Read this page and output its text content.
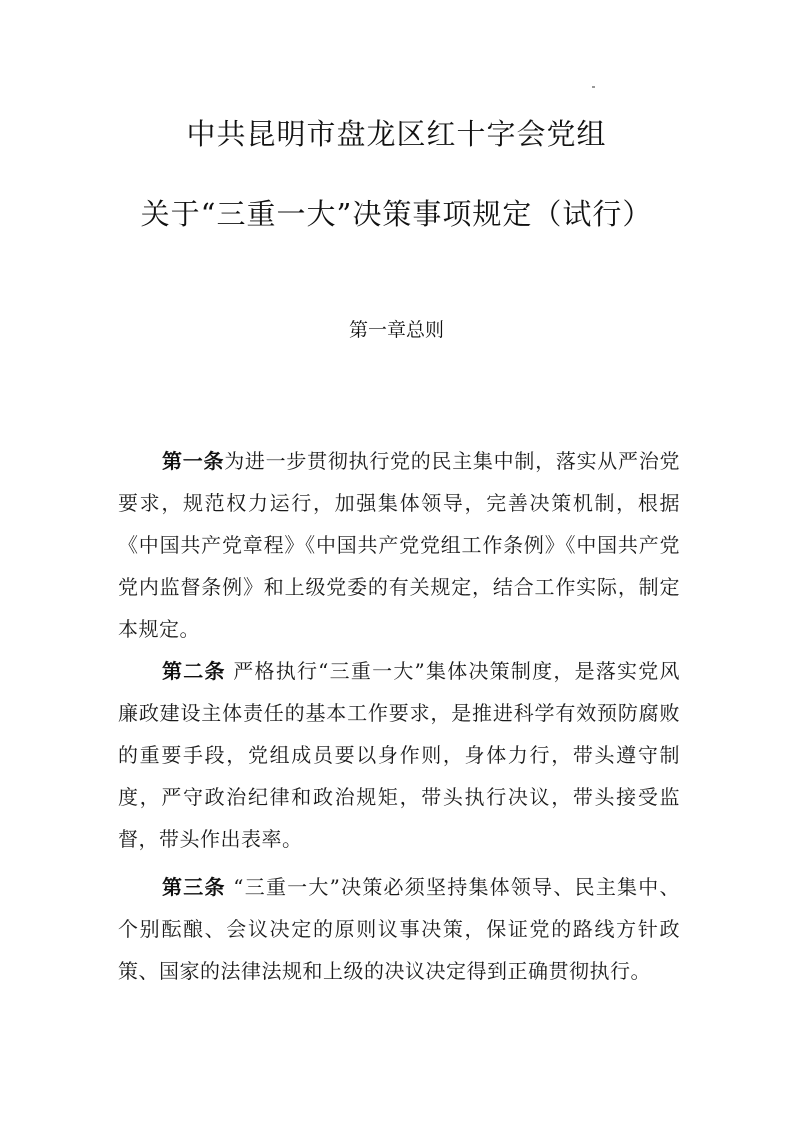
中共昆明市盘龙区红十字会党组
关于“三重一大”决策事项规定（试行）
第一章总则

第一条为进一步贯彻执行党的民主集中制，落实从严治党要求，规范权力运行，加强集体领导，完善决策机制，根据《中国共产党章程》《中国共产党党组工作条例》《中国共产党党内监督条例》和上级党委的有关规定，结合工作实际，制定本规定。

第二条 严格执行“三重一大”集体决策制度，是落实党风廉政建设主体责任的基本工作要求，是推进科学有效预防腐败的重要手段，党组成员要以身作则，身体力行，带头遵守制度，严守政治纪律和政治规矩，带头执行决议，带头接受监督，带头作出表率。

第三条 “三重一大”决策必须坚持集体领导、民主集中、个别酝酿、会议决定的原则议事决策，保证党的路线方针政策、国家的法律法规和上级的决议决定得到正确贯彻执行。
